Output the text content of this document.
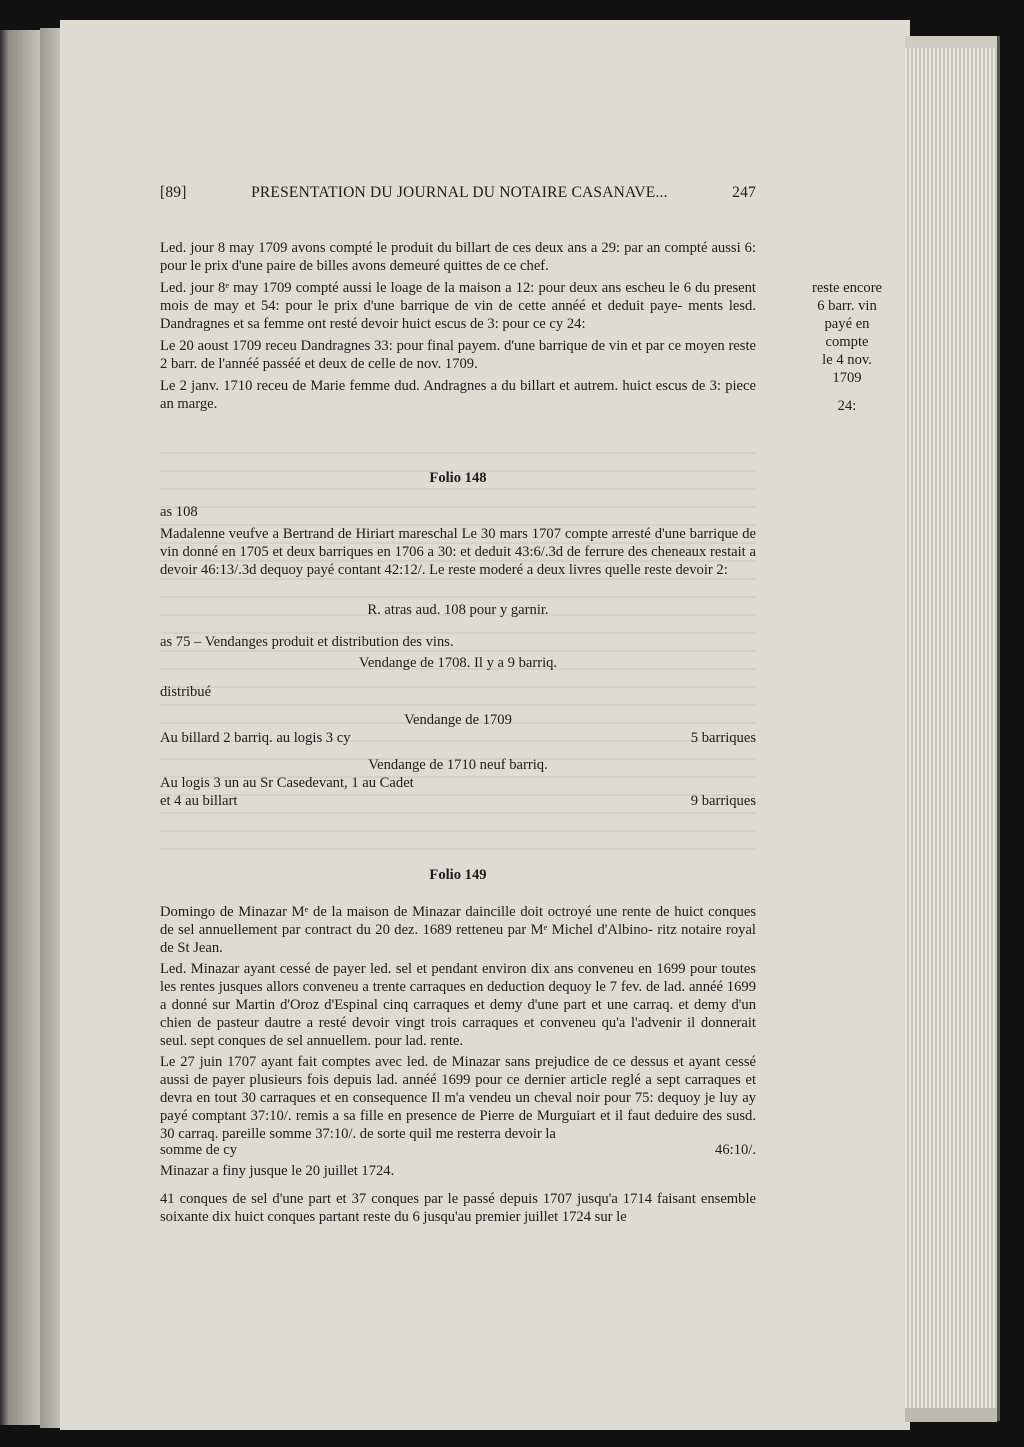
[89]	PRESENTATION DU JOURNAL DU NOTAIRE CASANAVE...	247

Led. jour 8 may 1709 avons compté le produit du billart de ces deux ans a 29: par an compté aussi 6: pour le prix d'une paire de billes avons demeuré quittes de ce chef.

Led. jour 8ᵉ may 1709 compté aussi le loage de la maison a 12: pour deux ans escheu le 6 du present mois de may et 54: pour le prix d'une barrique de vin de cette annéé et deduit paye- ments lesd. Dandragnes et sa femme ont resté devoir huict escus de 3: pour ce cy 24:

Le 20 aoust 1709 receu Dandragnes 33: pour final payem. d'une barrique de vin et par ce moyen reste 2 barr. de l'annéé passéé et deux de celle de nov. 1709.

Le 2 janv. 1710 receu de Marie femme dud. Andragnes a du billart et autrem. huict escus de 3: piece an marge.

reste encore
6 barr. vin
payé en
compte
le 4 nov.
1709
24:
Folio 148
as 108

Madalenne veufve a Bertrand de Hiriart mareschal Le 30 mars 1707 compte arresté d'une barrique de vin donné en 1705 et deux barriques en 1706 a 30: et deduit 43:6/.3d de ferrure des cheneaux restait a devoir 46:13/.3d dequoy payé contant 42:12/. Le reste moderé a deux livres quelle reste devoir 2:

R. atras aud. 108 pour y garnir.
as 75 – Vendanges produit et distribution des vins.
Vendange de 1708. Il y a 9 barriq.
distribué
Vendange de 1709
Au billard 2 barriq. au logis 3 cy	5 barriques
Vendange de 1710 neuf barriq.
Au logis 3 un au Sr Casedevant, 1 au Cadet
et 4 au billart	9 barriques
Folio 149

Domingo de Minazar Mᵉ de la maison de Minazar daincille doit octroyé une rente de huict conques de sel annuellement par contract du 20 dez. 1689 retteneu par Mᵉ Michel d'Albino- ritz notaire royal de St Jean.

Led. Minazar ayant cessé de payer led. sel et pendant environ dix ans conveneu en 1699 pour toutes les rentes jusques allors conveneu a trente carraques en deduction dequoy le 7 fev. de lad. annéé 1699 a donné sur Martin d'Oroz d'Espinal cinq carraques et demy d'une part et une carraq. et demy d'un chien de pasteur dautre a resté devoir vingt trois carraques et conveneu qu'a l'advenir il donnerait seul. sept conques de sel annuellem. pour lad. rente.

Le 27 juin 1707 ayant fait comptes avec led. de Minazar sans prejudice de ce dessus et ayant cessé aussi de payer plusieurs fois depuis lad. annéé 1699 pour ce dernier article reglé a sept carraques et devra en tout 30 carraques et en consequence Il m'a vendeu un cheval noir pour 75: dequoy je luy ay payé comptant 37:10/. remis a sa fille en presence de Pierre de Murguiart et il faut deduire des susd. 30 carraq. pareille somme 37:10/. de sorte quil me resterra devoir la

somme de cy	46:10/.
Minazar a finy jusque le 20 juillet 1724.

41 conques de sel d'une part et 37 conques par le passé depuis 1707 jusqu'a 1714 faisant ensemble soixante dix huict conques partant reste du 6 jusqu'au premier juillet 1724 sur le
